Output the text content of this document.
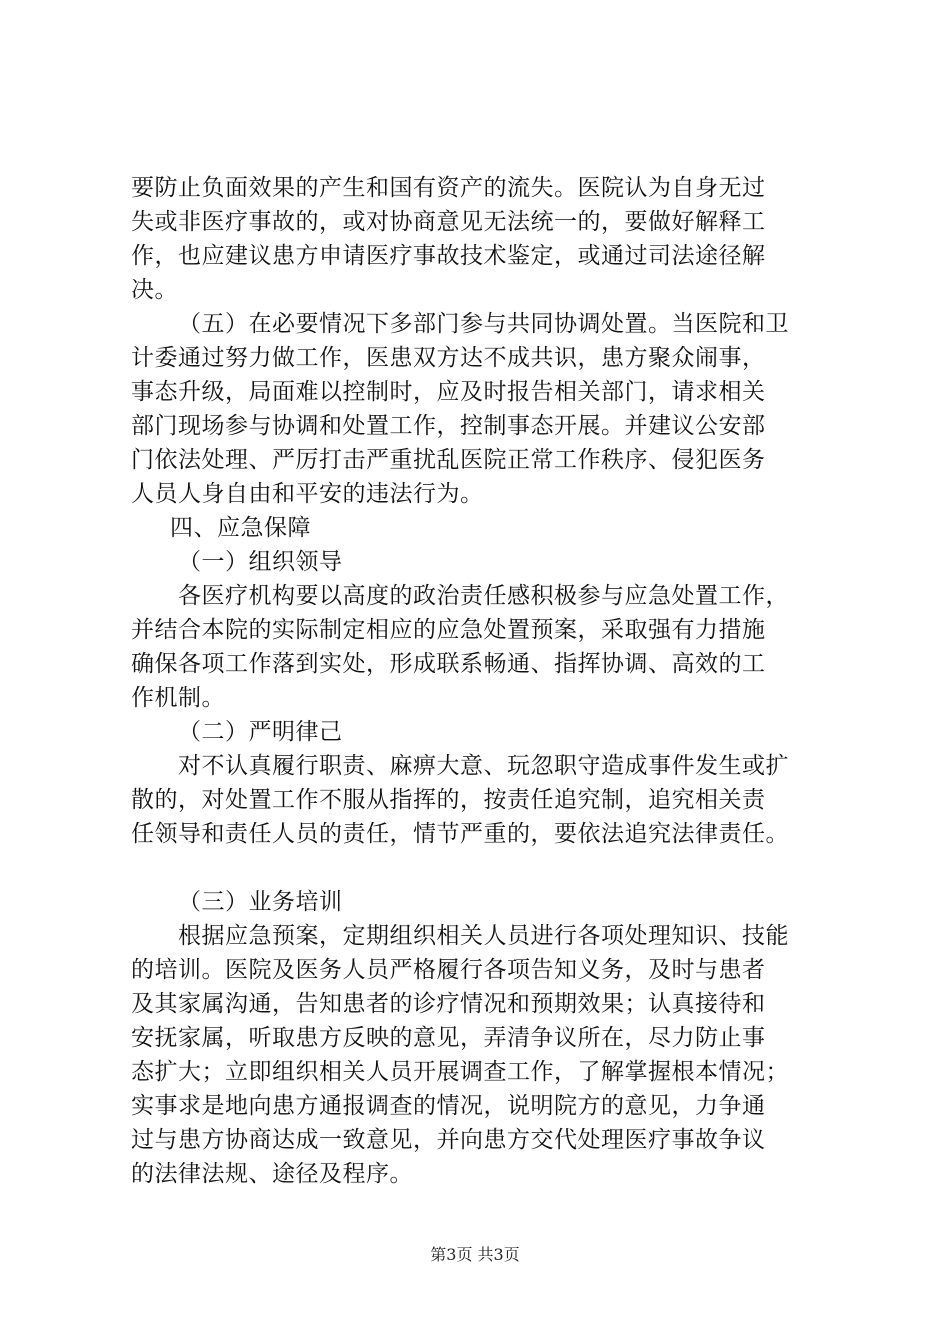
要防止负面效果的产生和国有资产的流失。医院认为自身无过
失或非医疗事故的，或对协商意见无法统一的，要做好解释工
作，也应建议患方申请医疗事故技术鉴定，或通过司法途径解
决。
（五）在必要情况下多部门参与共同协调处置。当医院和卫
计委通过努力做工作，医患双方达不成共识，患方聚众闹事，
事态升级，局面难以控制时，应及时报告相关部门，请求相关
部门现场参与协调和处置工作，控制事态开展。并建议公安部
门依法处理、严厉打击严重扰乱医院正常工作秩序、侵犯医务
人员人身自由和平安的违法行为。
四、应急保障
（一）组织领导
各医疗机构要以高度的政治责任感积极参与应急处置工作，
并结合本院的实际制定相应的应急处置预案，采取强有力措施
确保各项工作落到实处，形成联系畅通、指挥协调、高效的工
作机制。
（二）严明律己
对不认真履行职责、麻痹大意、玩忽职守造成事件发生或扩
散的，对处置工作不服从指挥的，按责任追究制，追究相关责
任领导和责任人员的责任，情节严重的，要依法追究法律责任。
（三）业务培训
根据应急预案，定期组织相关人员进行各项处理知识、技能
的培训。医院及医务人员严格履行各项告知义务，及时与患者
及其家属沟通，告知患者的诊疗情况和预期效果；认真接待和
安抚家属，听取患方反映的意见，弄清争议所在，尽力防止事
态扩大；立即组织相关人员开展调查工作，了解掌握根本情况；
实事求是地向患方通报调查的情况，说明院方的意见，力争通
过与患方协商达成一致意见，并向患方交代处理医疗事故争议
的法律法规、途径及程序。
第3页 共3页
